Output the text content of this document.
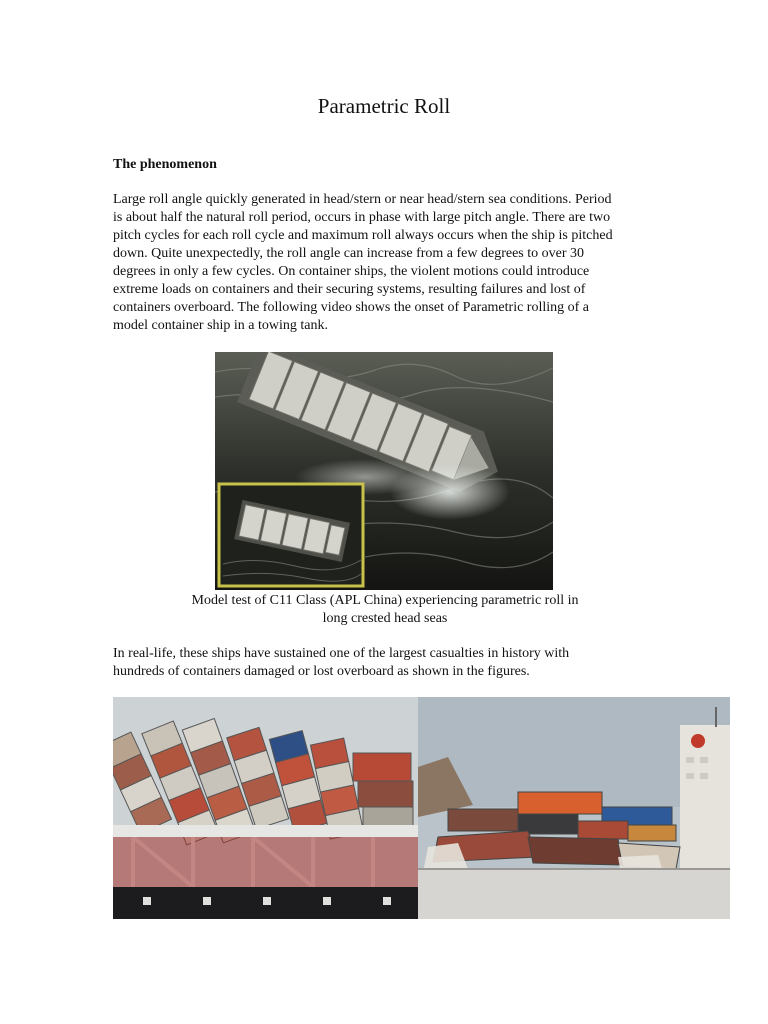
Parametric Roll
The phenomenon
Large roll angle quickly generated in head/stern or near head/stern sea conditions. Period
is about half the natural roll period, occurs in phase with large pitch angle. There are two
pitch cycles for each roll cycle and maximum roll always occurs when the ship is pitched
down. Quite unexpectedly, the roll angle can increase from a few degrees to over 30
degrees in only a few cycles. On container ships, the violent motions could introduce
extreme loads on containers and their securing systems, resulting failures and lost of
containers overboard. The following video shows the onset of Parametric rolling of a
model container ship in a towing tank.
Model test of C11 Class (APL China) experiencing parametric roll in
long crested head seas
In real-life, these ships have sustained one of the largest casualties in history with
hundreds of containers damaged or lost overboard as shown in the figures.
